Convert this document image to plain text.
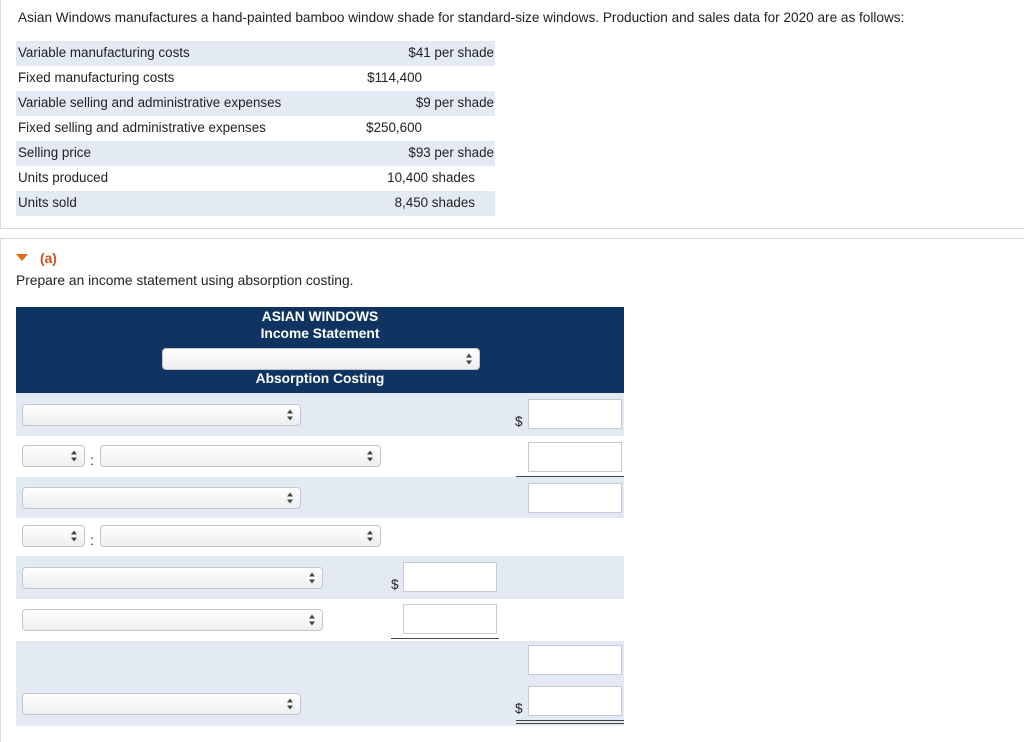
Asian Windows manufactures a hand-painted bamboo window shade for standard-size windows. Production and sales data for 2020 are as follows:
Variable manufacturing costs	$41 per shade
Fixed manufacturing costs	$114,400
Variable selling and administrative expenses	$9 per shade
Fixed selling and administrative expenses	$250,600
Selling price	$93 per shade
Units produced	10,400 shades
Units sold	8,450 shades
(a)
Prepare an income statement using absorption costing.
ASIAN WINDOWS
Income Statement
Absorption Costing
$
:
:
$
$
